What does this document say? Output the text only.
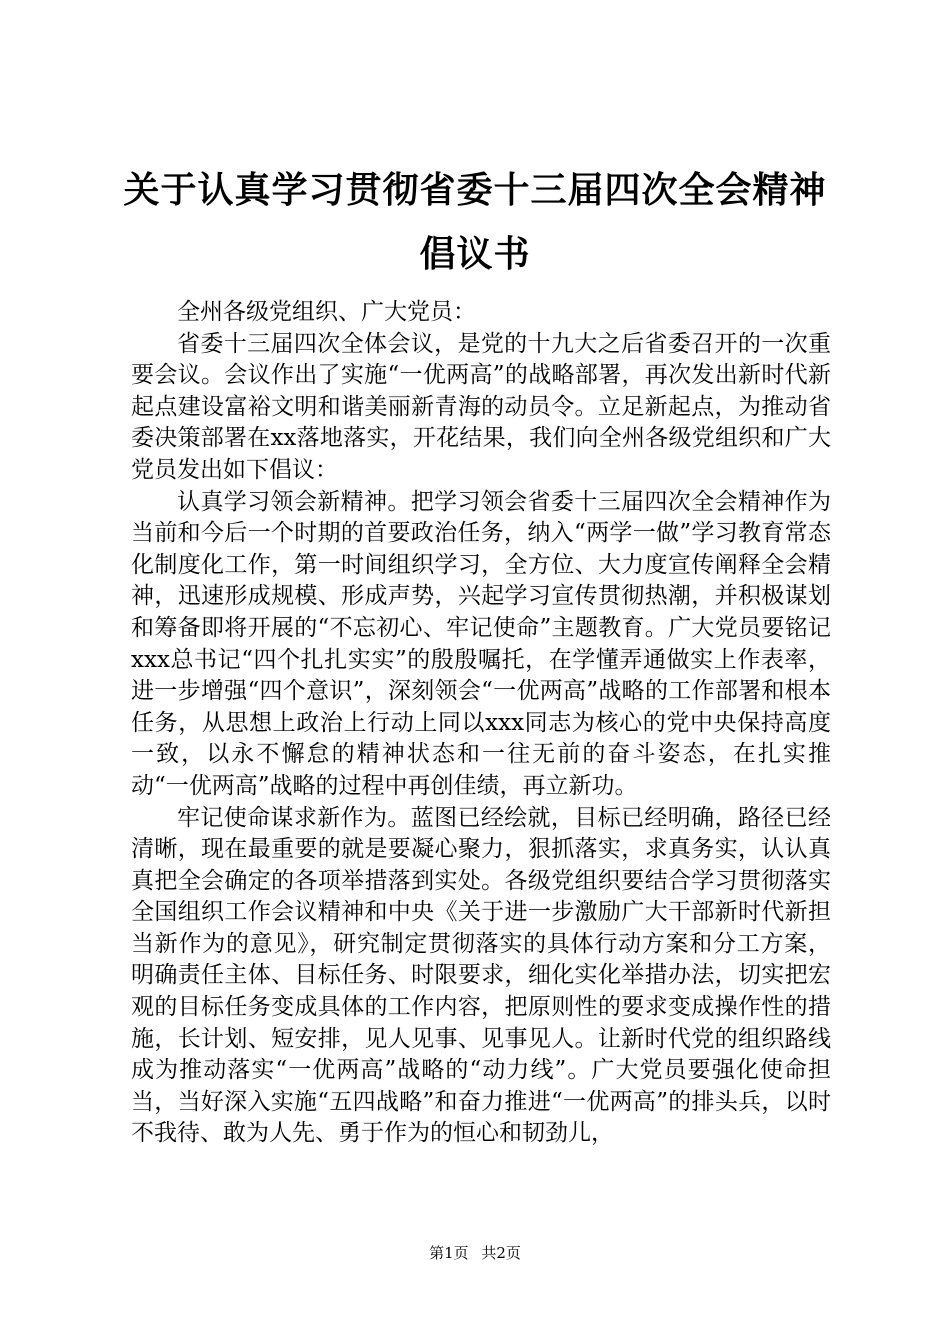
关于认真学习贯彻省委十三届四次全会精神倡议书

全州各级党组织、广大党员：

省委十三届四次全体会议，是党的十九大之后省委召开的一次重要会议。会议作出了实施“一优两高”的战略部署，再次发出新时代新起点建设富裕文明和谐美丽新青海的动员令。立足新起点，为推动省委决策部署在xx落地落实，开花结果，我们向全州各级党组织和广大党员发出如下倡议：

认真学习领会新精神。把学习领会省委十三届四次全会精神作为当前和今后一个时期的首要政治任务，纳入“两学一做”学习教育常态化制度化工作，第一时间组织学习，全方位、大力度宣传阐释全会精神，迅速形成规模、形成声势，兴起学习宣传贯彻热潮，并积极谋划和筹备即将开展的“不忘初心、牢记使命”主题教育。广大党员要铭记xxx总书记“四个扎扎实实”的殷殷嘱托，在学懂弄通做实上作表率，进一步增强“四个意识”，深刻领会“一优两高”战略的工作部署和根本任务，从思想上政治上行动上同以xxx同志为核心的党中央保持高度一致，以永不懈怠的精神状态和一往无前的奋斗姿态，在扎实推动“一优两高”战略的过程中再创佳绩，再立新功。

牢记使命谋求新作为。蓝图已经绘就，目标已经明确，路径已经清晰，现在最重要的就是要凝心聚力，狠抓落实，求真务实，认认真真把全会确定的各项举措落到实处。各级党组织要结合学习贯彻落实全国组织工作会议精神和中央《关于进一步激励广大干部新时代新担当新作为的意见》，研究制定贯彻落实的具体行动方案和分工方案，明确责任主体、目标任务、时限要求，细化实化举措办法，切实把宏观的目标任务变成具体的工作内容，把原则性的要求变成操作性的措施，长计划、短安排，见人见事、见事见人。让新时代党的组织路线成为推动落实“一优两高”战略的“动力线”。广大党员要强化使命担当，当好深入实施“五四战略”和奋力推进“一优两高”的排头兵，以时不我待、敢为人先、勇于作为的恒心和韧劲儿，

第1页 共2页
